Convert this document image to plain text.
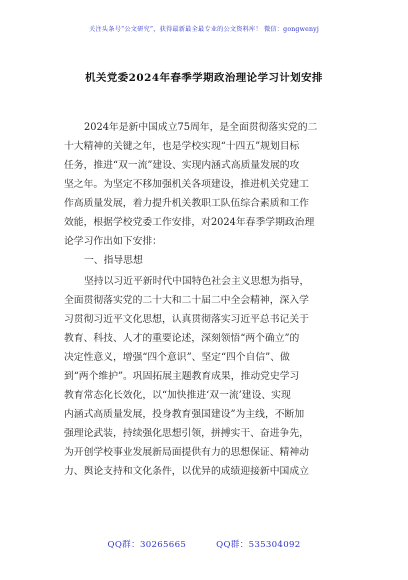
关注头条号“公文研究”，获得最新最全最专业的公文资料库！ 微信：gongwenyj
机关党委2024年春季学期政治理论学习计划安排
2024年是新中国成立75周年，是全面贯彻落实党的二
十大精神的关键之年，也是学校实现“十四五”规划目标
任务，推进“双一流”建设、实现内涵式高质量发展的攻
坚之年。为坚定不移加强机关各项建设，推进机关党建工
作高质量发展，着力提升机关教职工队伍综合素质和工作
效能，根据学校党委工作安排，对2024年春季学期政治理
论学习作出如下安排：
一、指导思想
坚持以习近平新时代中国特色社会主义思想为指导，
全面贯彻落实党的二十大和二十届二中全会精神，深入学
习贯彻习近平文化思想，认真贯彻落实习近平总书记关于
教育、科技、人才的重要论述，深刻领悟“两个确立”的
决定性意义，增强“四个意识”、坚定“四个自信”、做
到“两个维护”。巩固拓展主题教育成果，推动党史学习
教育常态化长效化，以“加快推进‘双一流’建设、实现
内涵式高质量发展，投身教育强国建设”为主线，不断加
强理论武装，持续强化思想引领，拼搏实干、奋进争先，
为开创学校事业发展新局面提供有力的思想保证、精神动
力、舆论支持和文化条件，以优异的成绩迎接新中国成立
QQ群：30265665	QQ群：535304092
